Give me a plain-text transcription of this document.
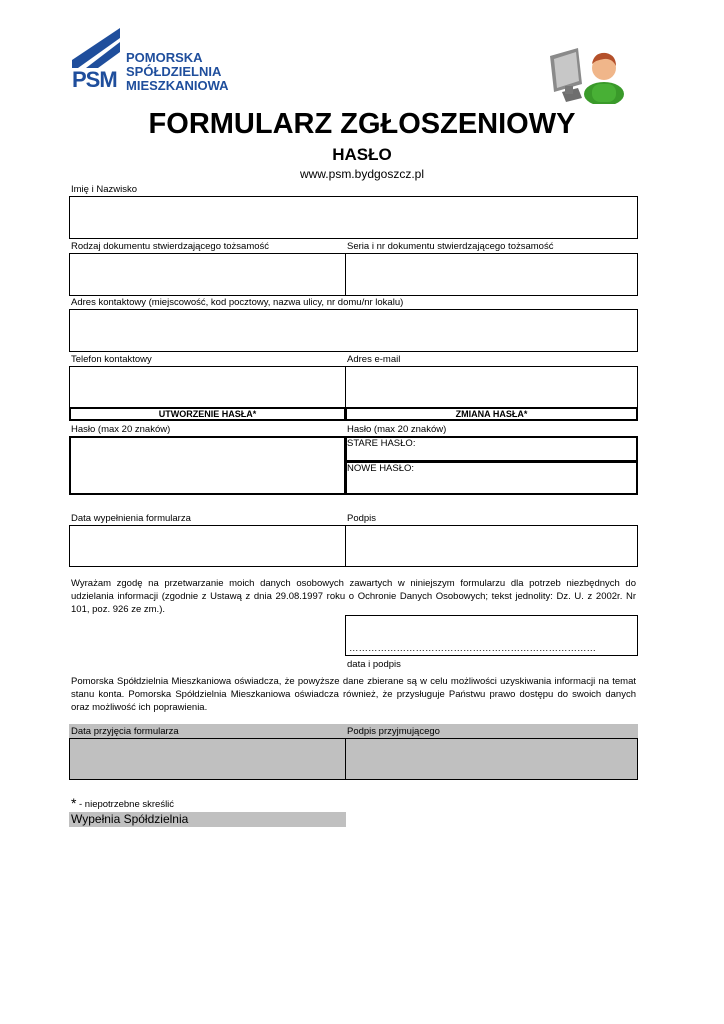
PSM
POMORSKA
SPÓŁDZIELNIA
MIESZKANIOWA
FORMULARZ ZGŁOSZENIOWY
HASŁO
www.psm.bydgoszcz.pl
Imię i Nazwisko
Rodzaj dokumentu stwierdzającego tożsamość	Seria i nr dokumentu stwierdzającego tożsamość
Adres kontaktowy (miejscowość, kod pocztowy, nazwa ulicy, nr domu/nr lokalu)
Telefon kontaktowy	Adres e-mail
UTWORZENIE HASŁA*	ZMIANA HASŁA*
Hasło (max 20 znaków)	Hasło (max 20 znaków)
STARE HASŁO:
NOWE HASŁO:
Data wypełnienia formularza	Podpis
Wyrażam zgodę na przetwarzanie moich danych osobowych zawartych w niniejszym formularzu dla potrzeb niezbędnych do udzielania informacji (zgodnie z Ustawą z dnia 29.08.1997 roku o Ochronie Danych Osobowych; tekst jednolity: Dz. U. z 2002r. Nr 101, poz. 926 ze zm.).
……………………………………………………………………
data i podpis
Pomorska Spółdzielnia Mieszkaniowa oświadcza, że powyższe dane zbierane są w celu możliwości uzyskiwania informacji na temat stanu konta. Pomorska Spółdzielnia Mieszkaniowa oświadcza również, że przysługuje Państwu prawo dostępu do swoich danych oraz możliwość ich poprawienia.
Data przyjęcia formularza	Podpis przyjmującego
* - niepotrzebne skreślić
Wypełnia Spółdzielnia
